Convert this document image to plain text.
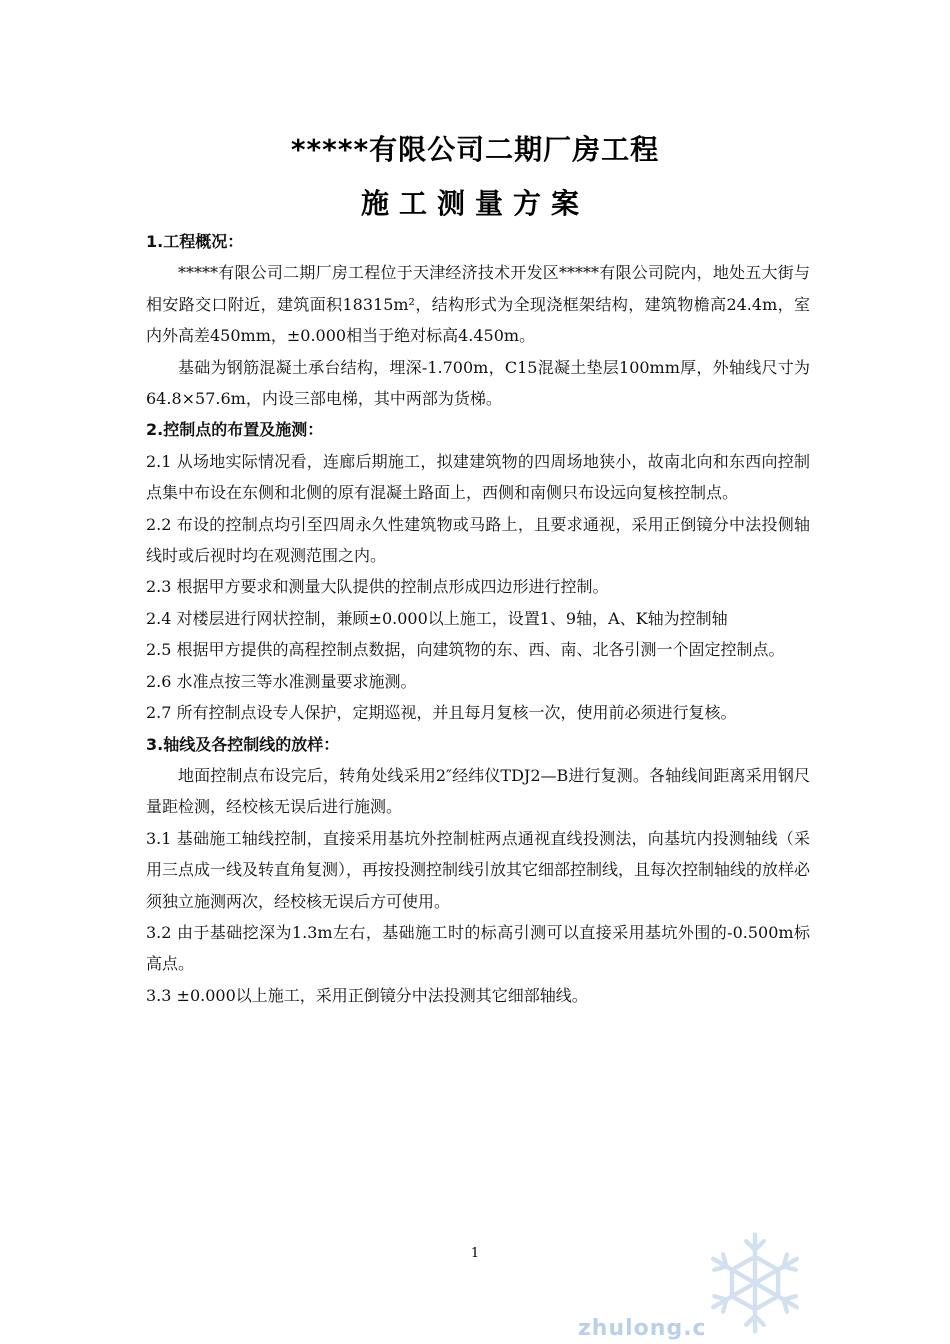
*****有限公司二期厂房工程
施工测量方案

1.工程概况：

*****有限公司二期厂房工程位于天津经济技术开发区*****有限公司院内，地处五大街与相安路交口附近，建筑面积18315m²，结构形式为全现浇框架结构，建筑物檐高24.4m，室内外高差450mm，±0.000相当于绝对标高4.450m。

基础为钢筋混凝土承台结构，埋深-1.700m，C15混凝土垫层100mm厚，外轴线尺寸为64.8×57.6m，内设三部电梯，其中两部为货梯。

2.控制点的布置及施测：

2.1 从场地实际情况看，连廊后期施工，拟建建筑物的四周场地狭小，故南北向和东西向控制点集中布设在东侧和北侧的原有混凝土路面上，西侧和南侧只布设远向复核控制点。

2.2 布设的控制点均引至四周永久性建筑物或马路上，且要求通视，采用正倒镜分中法投侧轴线时或后视时均在观测范围之内。

2.3 根据甲方要求和测量大队提供的控制点形成四边形进行控制。

2.4 对楼层进行网状控制，兼顾±0.000以上施工，设置1、9轴，A、K轴为控制轴

2.5 根据甲方提供的高程控制点数据，向建筑物的东、西、南、北各引测一个固定控制点。

2.6 水准点按三等水准测量要求施测。

2.7 所有控制点设专人保护，定期巡视，并且每月复核一次，使用前必须进行复核。

3.轴线及各控制线的放样：

地面控制点布设完后，转角处线采用2″经纬仪TDJ2—B进行复测。各轴线间距离采用钢尺量距检测，经校核无误后进行施测。

3.1 基础施工轴线控制，直接采用基坑外控制桩两点通视直线投测法，向基坑内投测轴线（采用三点成一线及转直角复测），再按投测控制线引放其它细部控制线，且每次控制轴线的放样必须独立施测两次，经校核无误后方可使用。

3.2 由于基础挖深为1.3m左右，基础施工时的标高引测可以直接采用基坑外围的-0.500m标高点。

3.3 ±0.000以上施工，采用正倒镜分中法投测其它细部轴线。

1
zhulong.c
